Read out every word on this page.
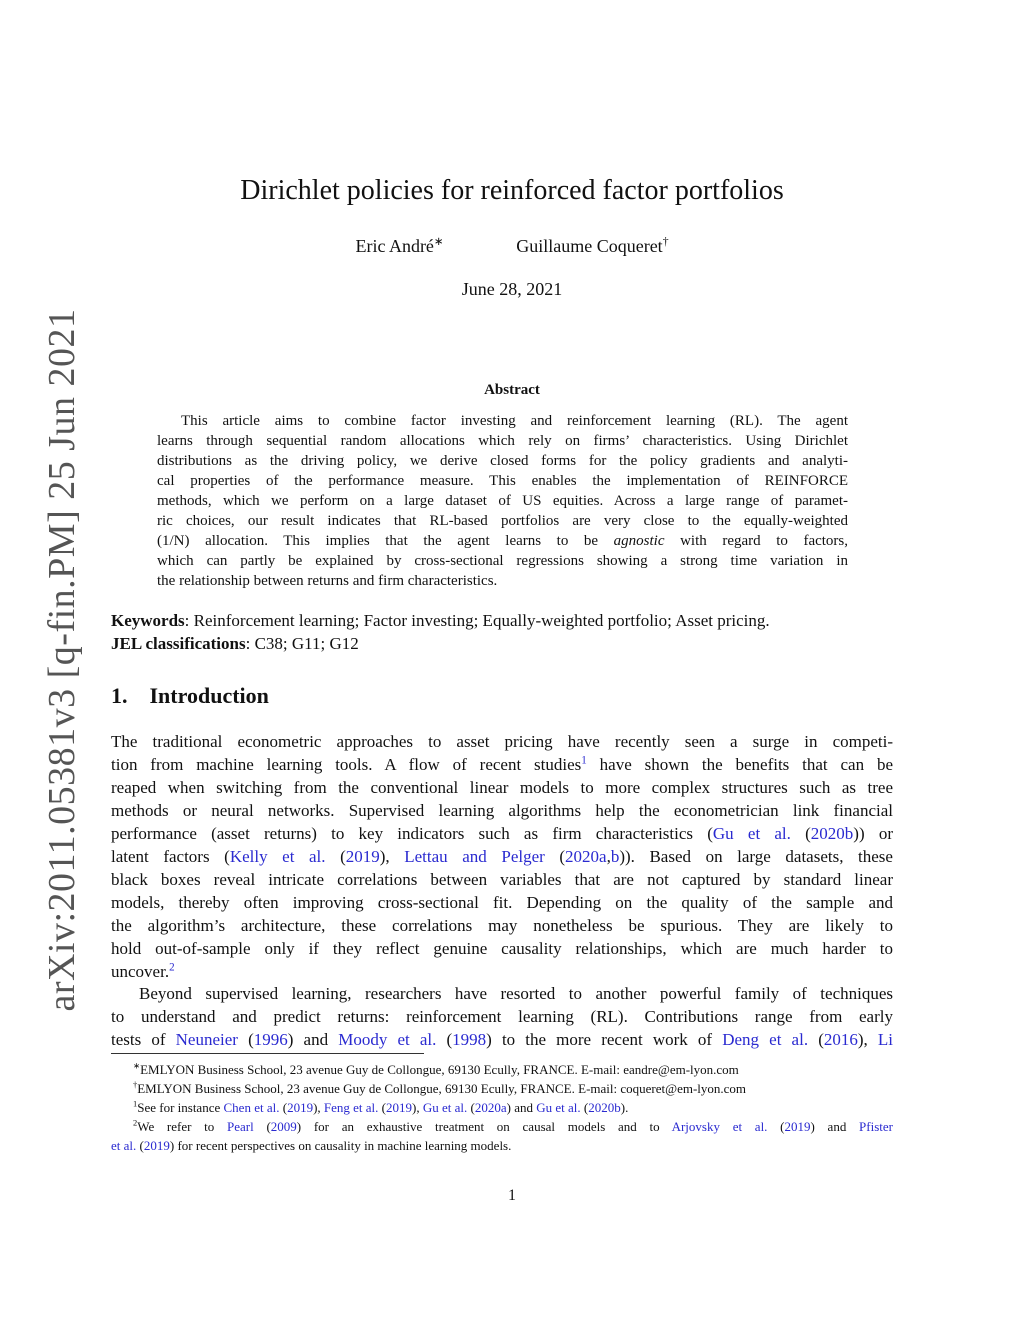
arXiv:2011.05381v3 [q-fin.PM] 25 Jun 2021
Dirichlet policies for reinforced factor portfolios
Eric André∗	Guillaume Coqueret†
June 28, 2021
Abstract
This article aims to combine factor investing and reinforcement learning (RL). The agent
learns through sequential random allocations which rely on firms’ characteristics. Using Dirichlet
distributions as the driving policy, we derive closed forms for the policy gradients and analyti-
cal properties of the performance measure. This enables the implementation of REINFORCE
methods, which we perform on a large dataset of US equities. Across a large range of paramet-
ric choices, our result indicates that RL-based portfolios are very close to the equally-weighted
(1/N) allocation. This implies that the agent learns to be agnostic with regard to factors,
which can partly be explained by cross-sectional regressions showing a strong time variation in
the relationship between returns and firm characteristics.
Keywords: Reinforcement learning; Factor investing; Equally-weighted portfolio; Asset pricing.
JEL classifications: C38; G11; G12
1. Introduction
The traditional econometric approaches to asset pricing have recently seen a surge in competi-
tion from machine learning tools. A flow of recent studies$^1$ have shown the benefits that can be
reaped when switching from the conventional linear models to more complex structures such as tree
methods or neural networks. Supervised learning algorithms help the econometrician link financial
performance (asset returns) to key indicators such as firm characteristics (Gu et al. (2020b)) or
latent factors (Kelly et al. (2019), Lettau and Pelger (2020a,b)). Based on large datasets, these
black boxes reveal intricate correlations between variables that are not captured by standard linear
models, thereby often improving cross-sectional fit. Depending on the quality of the sample and
the algorithm’s architecture, these correlations may nonetheless be spurious. They are likely to
hold out-of-sample only if they reflect genuine causality relationships, which are much harder to
uncover.$^2$
Beyond supervised learning, researchers have resorted to another powerful family of techniques
to understand and predict returns: reinforcement learning (RL). Contributions range from early
tests of Neuneier (1996) and Moody et al. (1998) to the more recent work of Deng et al. (2016), Li
∗EMLYON Business School, 23 avenue Guy de Collongue, 69130 Ecully, FRANCE. E-mail: eandre@em-lyon.com
†EMLYON Business School, 23 avenue Guy de Collongue, 69130 Ecully, FRANCE. E-mail: coqueret@em-lyon.com
$^1$See for instance Chen et al. (2019), Feng et al. (2019), Gu et al. (2020a) and Gu et al. (2020b).
$^2$We refer to Pearl (2009) for an exhaustive treatment on causal models and to Arjovsky et al. (2019) and Pfister
et al. (2019) for recent perspectives on causality in machine learning models.
1
